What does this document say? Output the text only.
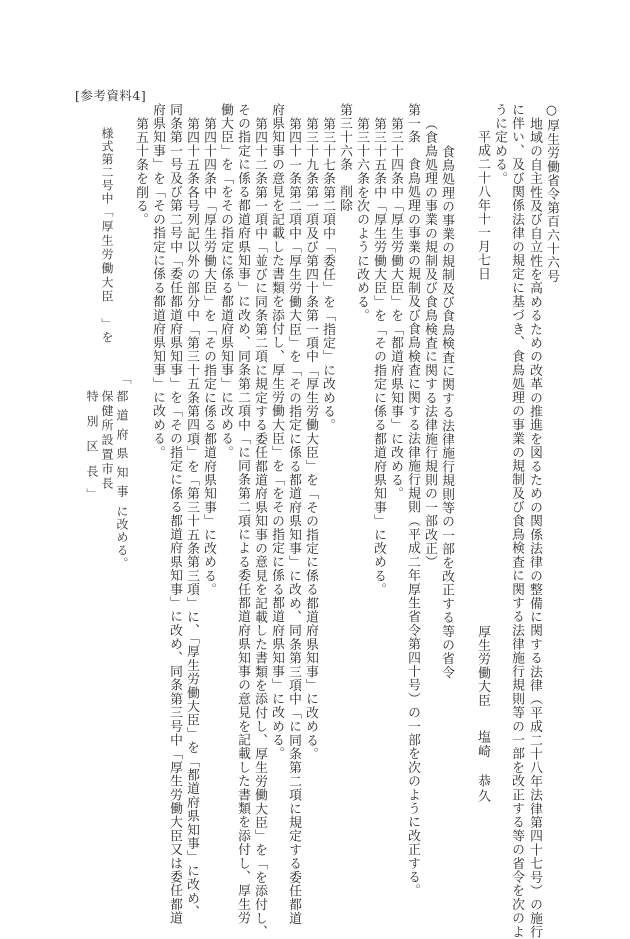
[参考資料4]
○厚生労働省令第百六十六号
地域の自主性及び自立性を高めるための改革の推進を図るための関係法律の整備に関する法律（平成二十八年法律第四十七号）の施行
に伴い、及び関係法律の規定に基づき、食鳥処理の事業の規制及び食鳥検査に関する法律施行規則等の一部を改正する等の省令を次のよ
うに定める。
平成二十八年十一月七日
厚生労働大臣
塩崎　恭久
食鳥処理の事業の規制及び食鳥検査に関する法律施行規則等の一部を改正する等の省令
（食鳥処理の事業の規制及び食鳥検査に関する法律施行規則の一部改正）
第一条　食鳥処理の事業の規制及び食鳥検査に関する法律施行規則（平成二年厚生省令第四十号）の一部を次のように改正する。
第三十四条中「厚生労働大臣」を「都道府県知事」に改める。
第三十五条中「厚生労働大臣」を「その指定に係る都道府県知事」に改める。
第三十六条を次のように改める。
第三十六条　削除
第三十七条第二項中「委任」を「指定」に改める。
第三十九条第一項及び第四十条第一項中「厚生労働大臣」を「その指定に係る都道府県知事」に改める。
第四十一条第二項中「厚生労働大臣」を「その指定に係る都道府県知事」に改め、同条第三項中「に同条第二項に規定する委任都道
府県知事の意見を記載した書類を添付し、厚生労働大臣」を「をその指定に係る都道府県知事」に改める。
第四十二条第一項中「並びに同条第二項に規定する委任都道府県知事の意見を記載した書類を添付し、厚生労働大臣」を「を添付し、
その指定に係る都道府県知事」に改め、同条第二項中「に同条第二項による委任都道府県知事の意見を記載した書類を添付し、厚生労
働大臣」を「をその指定に係る都道府県知事」に改める。
第四十四条中「厚生労働大臣」を「その指定に係る都道府県知事」に改める。
第四十五条各号列記以外の部分中「第三十五条第四項」を「第三十五条第三項」に、「厚生労働大臣」を「都道府県知事」に改め、
同条第一号及び第二号中「委任都道府県知事」を「その指定に係る都道府県知事」に改め、同条第三号中「厚生労働大臣又は委任都道
府県知事」を「その指定に係る都道府県知事」に改める。
第五十条を削る。
様式第二号中「
厚生労働大臣
」を
「
都道府県知事
保健所設置市長
特別区長
」
に改める。
